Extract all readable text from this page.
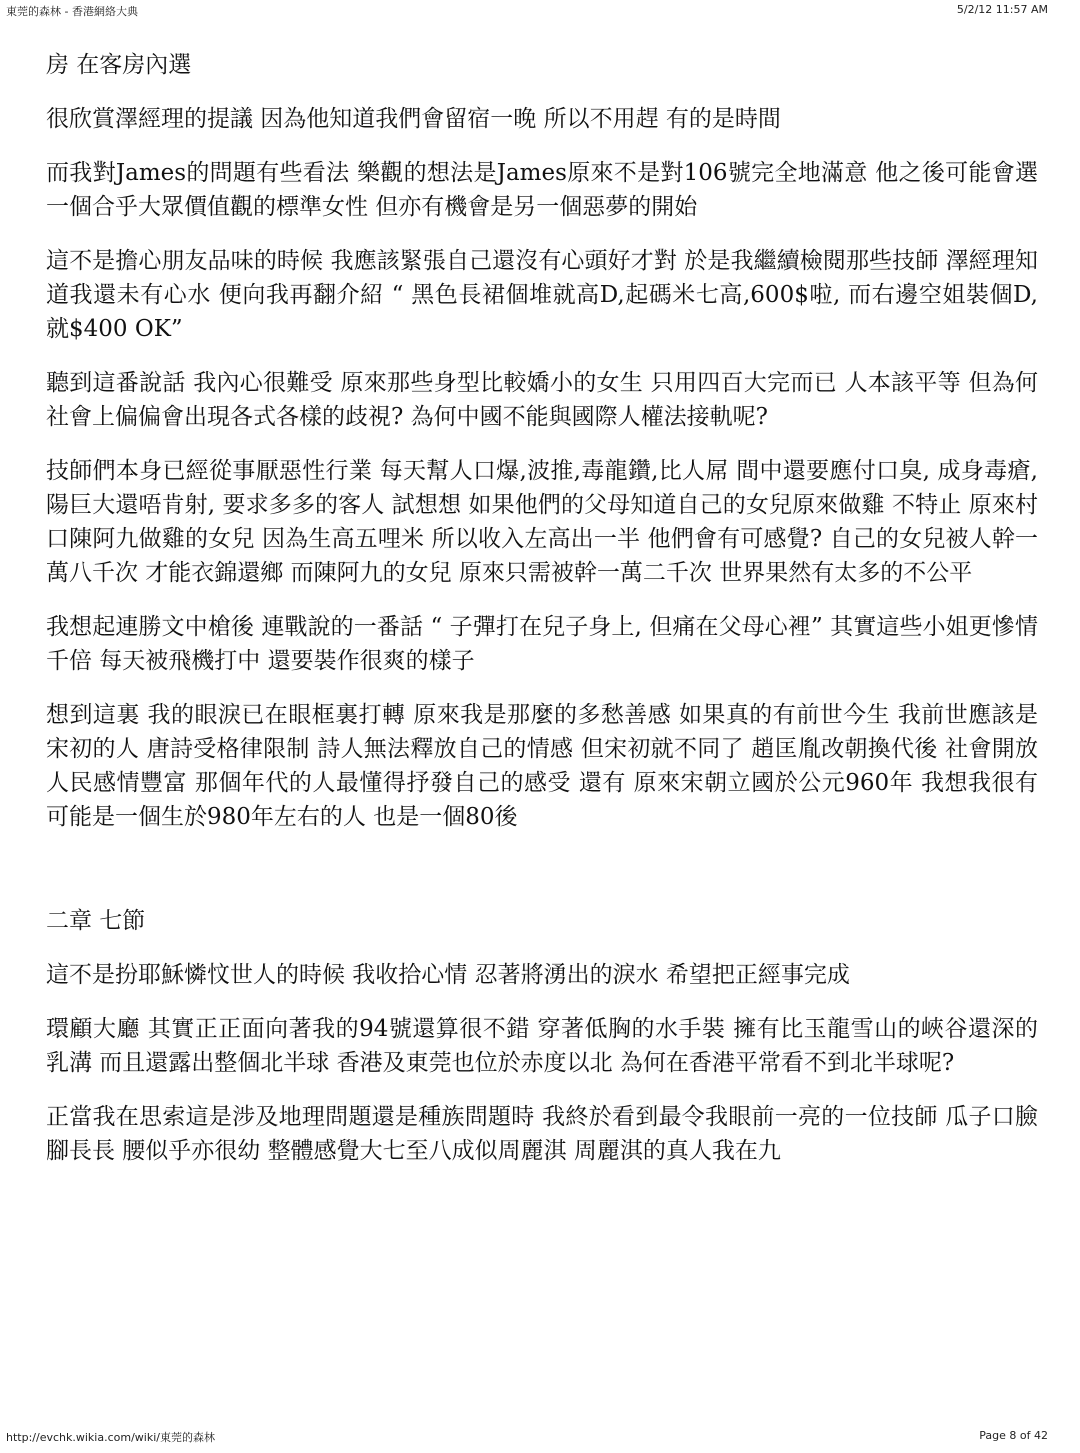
東莞的森林 - 香港網絡大典	5/2/12 11:57 AM

房 在客房內選

很欣賞澤經理的提議 因為他知道我們會留宿一晚 所以不用趕 有的是時間

而我對James的問題有些看法 樂觀的想法是James原來不是對106號完全地滿意 他之後可能會選一個合乎大眾價值觀的標準女性 但亦有機會是另一個惡夢的開始

這不是擔心朋友品味的時候 我應該緊張自己還沒有心頭好才對 於是我繼續檢閱那些技師 澤經理知道我還未有心水 便向我再翻介紹 “ 黑色長裙個堆就高D,起碼米七高,600$啦, 而右邊空姐裝個D,就$400 OK”

聽到這番說話 我內心很難受 原來那些身型比較嬌小的女生 只用四百大完而已 人本該平等 但為何社會上偏偏會出現各式各樣的歧視? 為何中國不能與國際人權法接軌呢?

技師們本身已經從事厭惡性行業 每天幫人口爆,波推,毒龍鑽,比人屌 間中還要應付口臭, 成身毒瘡, 陽巨大還唔肯射, 要求多多的客人 試想想 如果他們的父母知道自己的女兒原來做雞 不特止 原來村口陳阿九做雞的女兒 因為生高五哩米 所以收入左高出一半 他們會有可感覺? 自己的女兒被人幹一萬八千次 才能衣錦還鄉 而陳阿九的女兒 原來只需被幹一萬二千次 世界果然有太多的不公平

我想起連勝文中槍後 連戰說的一番話 “ 子彈打在兒子身上, 但痛在父母心裡” 其實這些小姐更慘情千倍 每天被飛機打中 還要裝作很爽的樣子

想到這裏 我的眼淚已在眼框裏打轉 原來我是那麼的多愁善感 如果真的有前世今生 我前世應該是宋初的人 唐詩受格律限制 詩人無法釋放自己的情感 但宋初就不同了 趙匡胤改朝換代後 社會開放 人民感情豐富 那個年代的人最懂得抒發自己的感受 還有 原來宋朝立國於公元960年 我想我很有可能是一個生於980年左右的人 也是一個80後

二章 七節

這不是扮耶穌憐忟世人的時候 我收拾心情 忍著將湧出的淚水 希望把正經事完成

環顧大廳 其實正正面向著我的94號還算很不錯 穿著低胸的水手裝 擁有比玉龍雪山的峽谷還深的乳溝 而且還露出整個北半球 香港及東莞也位於赤度以北 為何在香港平常看不到北半球呢?

正當我在思索這是涉及地理問題還是種族問題時 我終於看到最令我眼前一亮的一位技師 瓜子口臉 腳長長 腰似乎亦很幼 整體感覺大七至八成似周麗淇 周麗淇的真人我在九

http://evchk.wikia.com/wiki/東莞的森林	Page 8 of 42
